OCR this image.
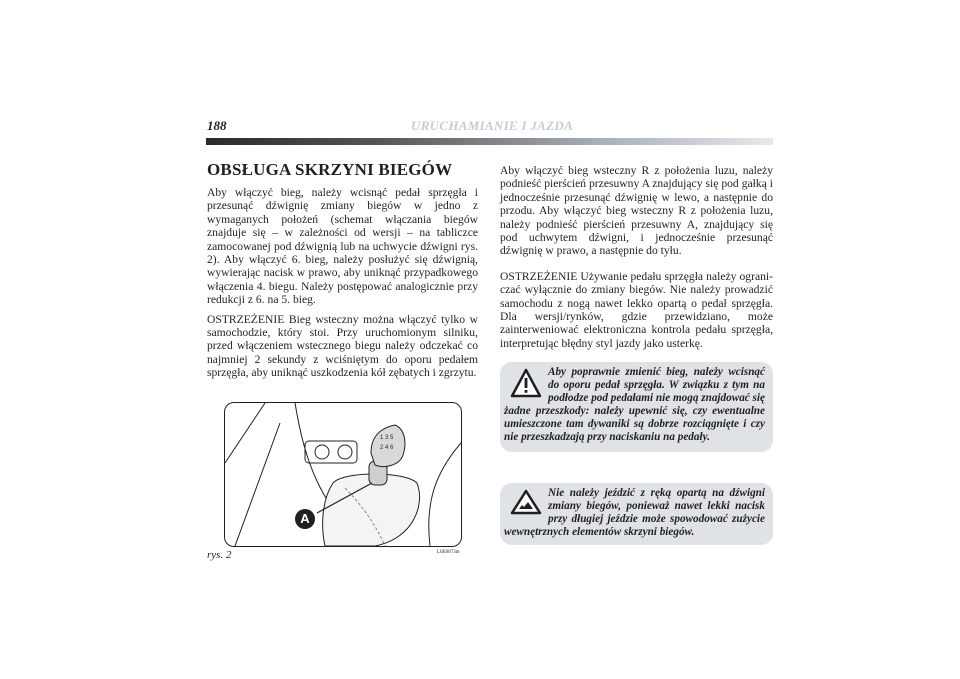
188	URUCHAMIANIE I JAZDA
OBSŁUGA SKRZYNI BIEGÓW

Aby włączyć bieg, należy wcisnąć pedał sprzęgła i przesunąć dźwignię zmiany biegów w jedno z wymaganych położeń (schemat włączania biegów znajduje się – w zależności od wersji – na tabliczce zamocowanej pod dźwignią lub na uchwycie dźwigni rys. 2). Aby włączyć 6. bieg, należy posłużyć się dźwignią, wywierając nacisk w prawo, aby uniknąć przypadkowego włączenia 4. biegu. Należy postępować analogicznie przy redukcji z 6. na 5. bieg.

OSTRZEŻENIE Bieg wsteczny można włączyć tylko w samochodzie, który stoi. Przy uruchomionym silniku, przed włączeniem wstecznego biegu należy odczekać co najmniej 2 sekundy z wciśniętym do oporu pedałem sprzęgła, aby uniknąć uszkodzenia kół zębatych i zgrzytu.

Aby włączyć bieg wsteczny R z położenia luzu, należy podnieść pierścień przesuwny A znajdujący się pod gałką i jednocześnie przesunąć dźwignię w lewo, a następnie do przodu. Aby włączyć bieg wsteczny R z położenia luzu, należy podnieść pierścień przesuwny A, znajdujący się pod uchwytem dźwigni, i jednocześnie przesunąć dźwignię w prawo, a następnie do tyłu.

OSTRZEŻENIE Używanie pedału sprzęgła należy ograniczać wyłącznie do zmiany biegów. Nie należy prowadzić samochodu z nogą nawet lekko opartą o pedał sprzęgła. Dla wersji/rynków, gdzie przewidziano, może zainterweniować elektroniczna kontrola pedału sprzęgła, interpretując błędny styl jazdy jako usterkę.

1 3 5
2 4 6
A
rys. 2	L0E0073m
Aby poprawnie zmienić bieg, należy wcisnąć do oporu pedał sprzęgła. W związku z tym na podłodze pod pedałami nie mogą znajdować się żadne przeszkody: należy upewnić się, czy ewentualne umieszczone tam dywaniki są dobrze rozciągnięte i czy nie przeszkadzają przy naciskaniu na pedały.
Nie należy jeździć z ręką opartą na dźwigni zmiany biegów, ponieważ nawet lekki nacisk przy długiej jeździe może spowodować zużycie wewnętrznych elementów skrzyni biegów.
